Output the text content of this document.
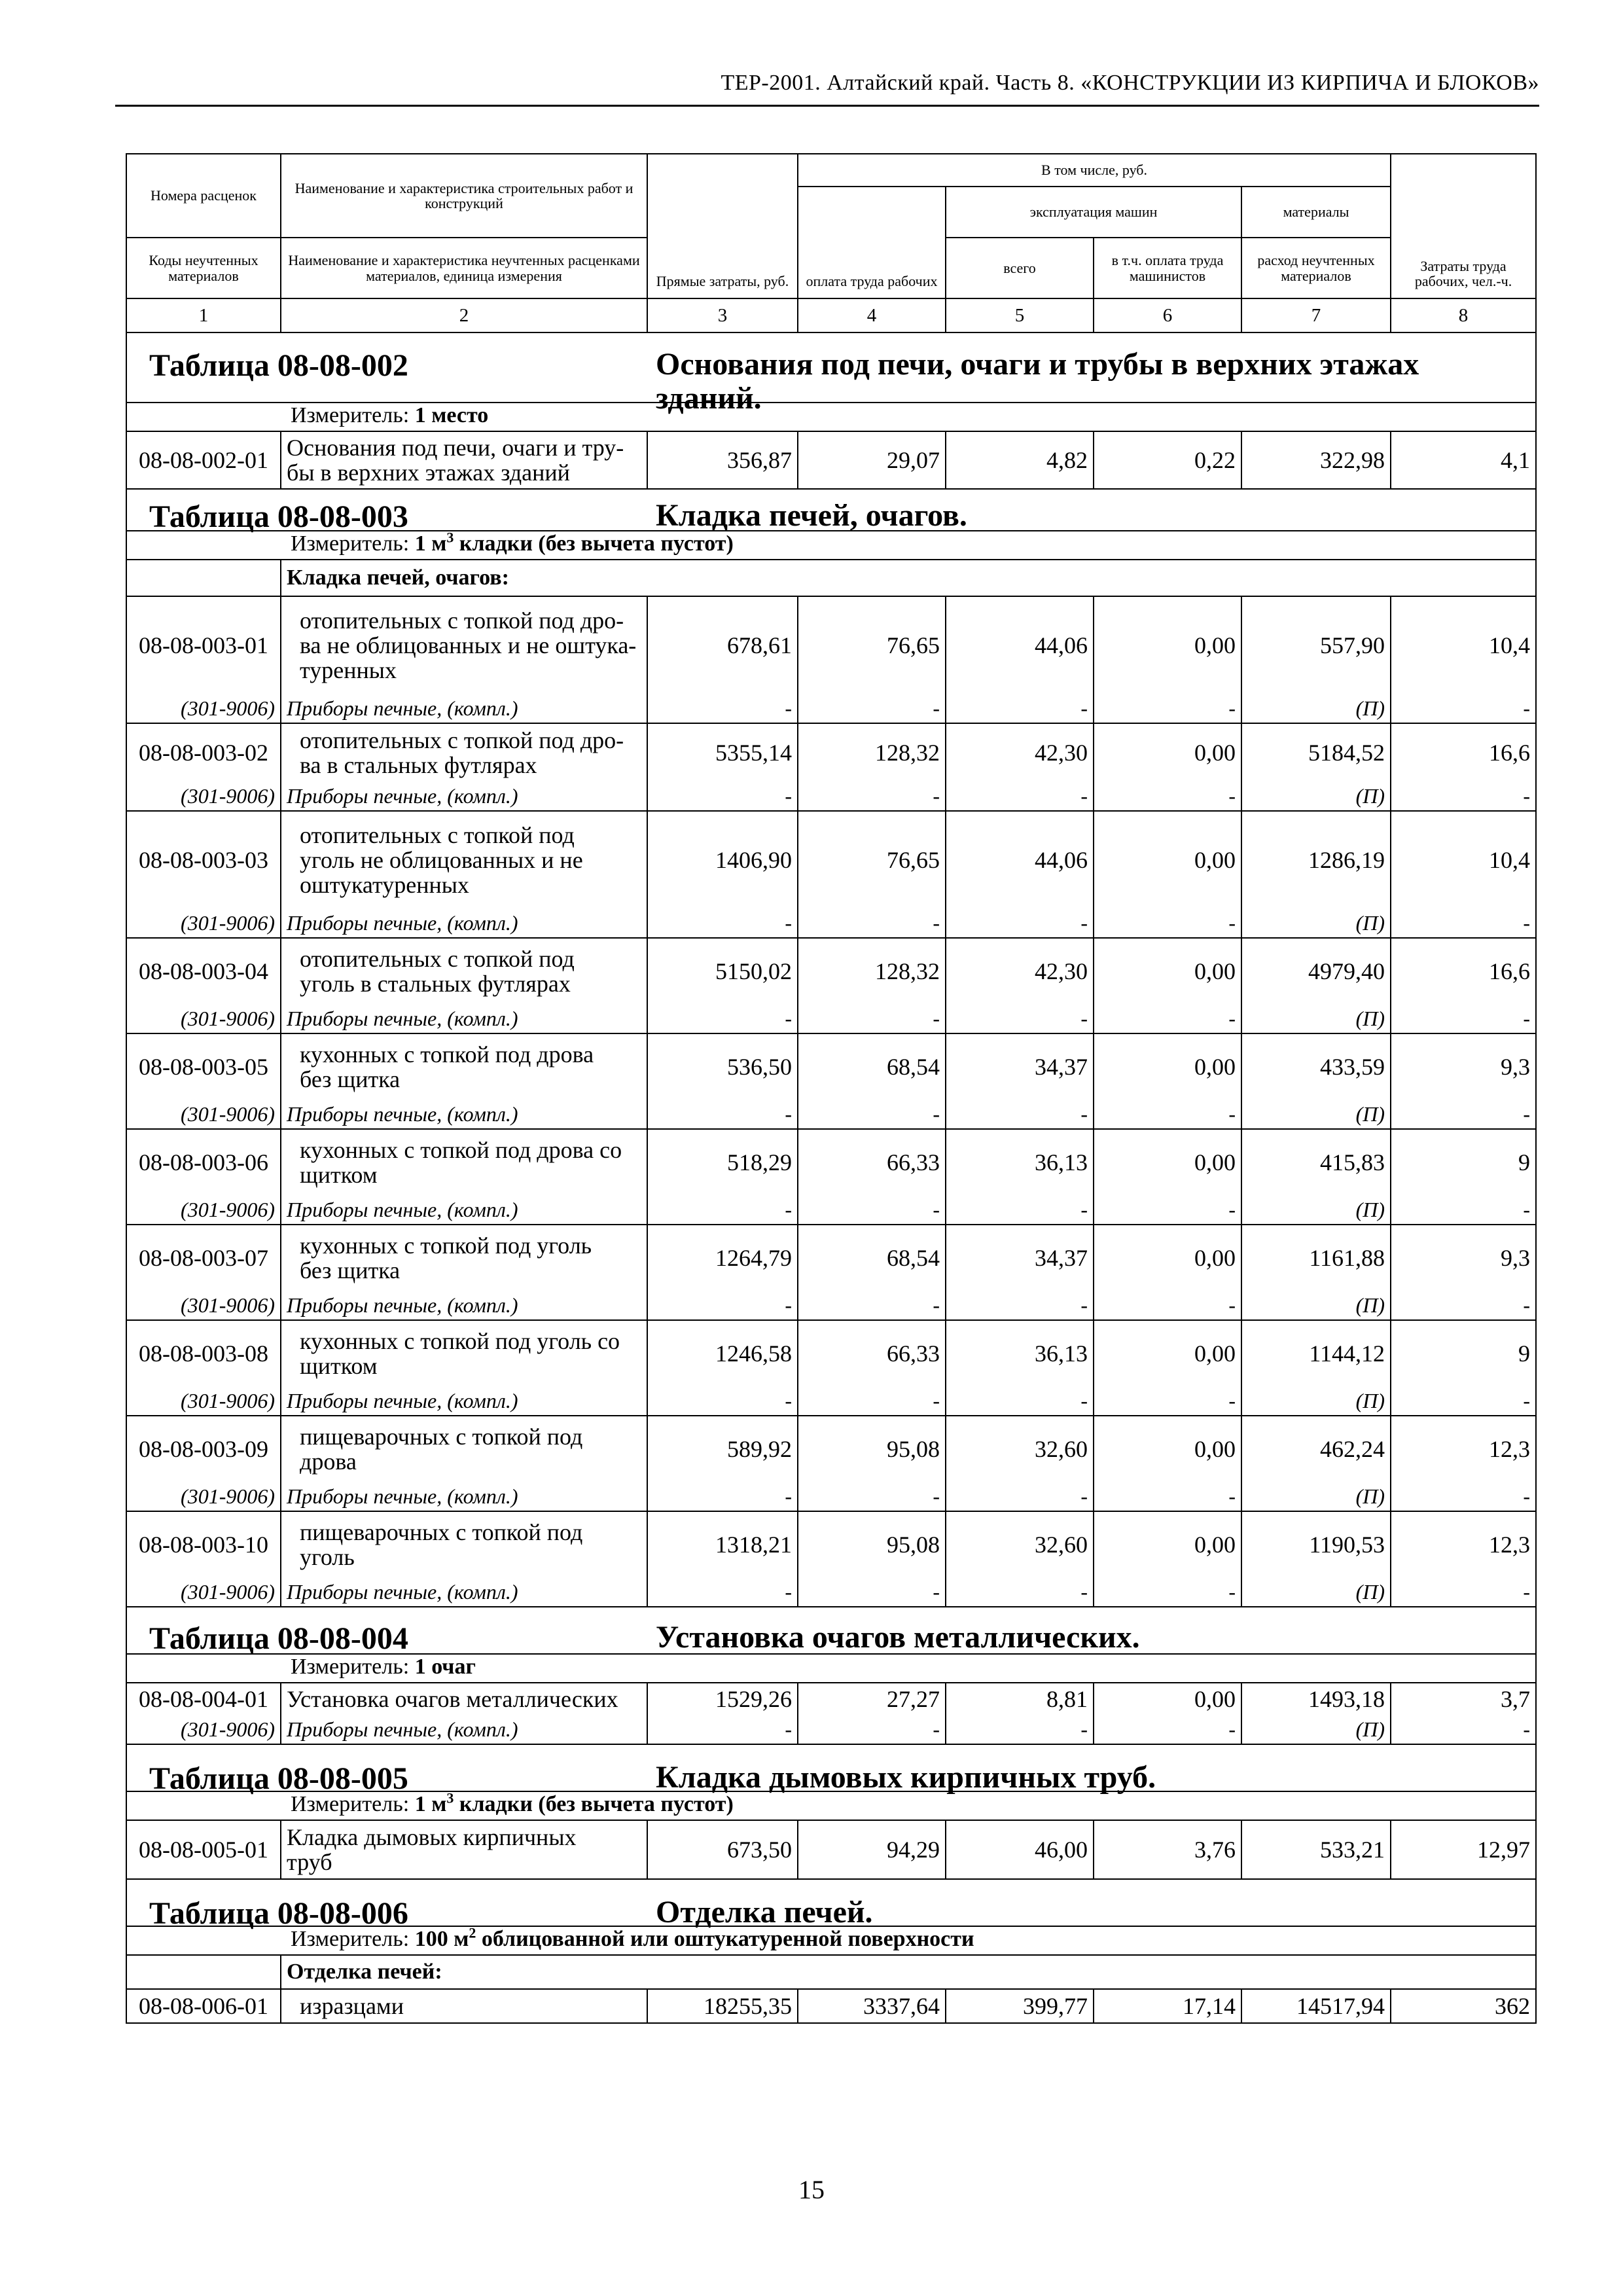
ТЕР-2001. Алтайский край. Часть 8. «КОНСТРУКЦИИ ИЗ КИРПИЧА И БЛОКОВ»
Номера расценок	Наименование и характеристика строительных работ и конструкций	Прямые затраты, руб.	В том числе, руб.				Затраты труда рабочих, чел.-ч.
			оплата труда рабочих	эксплуатация машин		материалы	
Коды неучтенных материалов	Наименование и характеристика неучтенных расценками материалов, единица измерения			всего	в т.ч. оплата труда машинистов	расход неучтенных материалов	
1	2	3	4	5	6	7	8

Таблица 08-08-002 Основания под печи, очаги и трубы в верхних этажах зданий.							

Измеритель: 1 место							

08-08-002-01	Основания под печи, очаги и тру-
бы в верхних этажах зданий	356,87	29,07	4,82	0,22	322,98	4,1

Таблица 08-08-003 Кладка печей, очагов.							

Измеритель: 1 $м^3$ кладки (без вычета пустот)							

	Кладка печей, очагов:						
08-08-003-01	отопительных с топкой под дро-
ва не облицованных и не оштука-
туренных	678,61	76,65	44,06	0,00	557,90	10,4
(301-9006)	Приборы печные, (компл.)	-	-	-	-	(П)	-
08-08-003-02	отопительных с топкой под дро-
ва в стальных футлярах	5355,14	128,32	42,30	0,00	5184,52	16,6
(301-9006)	Приборы печные, (компл.)	-	-	-	-	(П)	-
08-08-003-03	отопительных с топкой под
уголь не облицованных и не
оштукатуренных	1406,90	76,65	44,06	0,00	1286,19	10,4
(301-9006)	Приборы печные, (компл.)	-	-	-	-	(П)	-
08-08-003-04	отопительных с топкой под
уголь в стальных футлярах	5150,02	128,32	42,30	0,00	4979,40	16,6
(301-9006)	Приборы печные, (компл.)	-	-	-	-	(П)	-
08-08-003-05	кухонных с топкой под дрова
без щитка	536,50	68,54	34,37	0,00	433,59	9,3
(301-9006)	Приборы печные, (компл.)	-	-	-	-	(П)	-
08-08-003-06	кухонных с топкой под дрова со
щитком	518,29	66,33	36,13	0,00	415,83	9
(301-9006)	Приборы печные, (компл.)	-	-	-	-	(П)	-
08-08-003-07	кухонных с топкой под уголь
без щитка	1264,79	68,54	34,37	0,00	1161,88	9,3
(301-9006)	Приборы печные, (компл.)	-	-	-	-	(П)	-
08-08-003-08	кухонных с топкой под уголь со
щитком	1246,58	66,33	36,13	0,00	1144,12	9
(301-9006)	Приборы печные, (компл.)	-	-	-	-	(П)	-
08-08-003-09	пищеварочных с топкой под
дрова	589,92	95,08	32,60	0,00	462,24	12,3
(301-9006)	Приборы печные, (компл.)	-	-	-	-	(П)	-
08-08-003-10	пищеварочных с топкой под
уголь	1318,21	95,08	32,60	0,00	1190,53	12,3
(301-9006)	Приборы печные, (компл.)	-	-	-	-	(П)	-

Таблица 08-08-004 Установка очагов металлических.							

Измеритель: 1 очаг							

08-08-004-01	Установка очагов металлических	1529,26	27,27	8,81	0,00	1493,18	3,7
(301-9006)	Приборы печные, (компл.)	-	-	-	-	(П)	-

Таблица 08-08-005 Кладка дымовых кирпичных труб.							

Измеритель: 1 $м^3$ кладки (без вычета пустот)							

08-08-005-01	Кладка дымовых кирпичных
труб	673,50	94,29	46,00	3,76	533,21	12,97

Таблица 08-08-006 Отделка печей.							

Измеритель: 100 $м^2$ облицованной или оштукатуренной поверхности							

	Отделка печей:						
08-08-006-01	изразцами	18255,35	3337,64	399,77	17,14	14517,94	362
15
